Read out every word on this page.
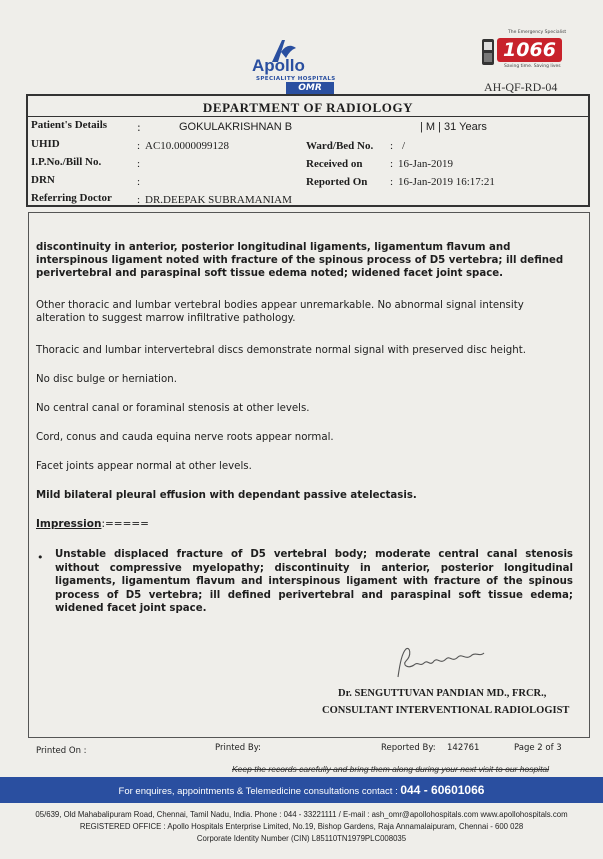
Apollo
SPECIALITY HOSPITALS
OMR
The Emergency Specialist
1066
Saving time. Saving lives
AH-QF-RD-04
DEPARTMENT OF RADIOLOGY
Patient's Details	:	GOKULAKRISHNAN B	| M | 31 Years
UHID	: AC10.0000099128	Ward/Bed No. : /
I.P.No./Bill No.	:	Received on : 16-Jan-2019
DRN	:	Reported On : 16-Jan-2019 16:17:21
Referring Doctor : DR.DEEPAK SUBRAMANIAM
discontinuity in anterior, posterior longitudinal ligaments, ligamentum flavum and interspinous ligament noted with fracture of the spinous process of D5 vertebra; ill defined perivertebral and paraspinal soft tissue edema noted; widened facet joint space.
Other thoracic and lumbar vertebral bodies appear unremarkable. No abnormal signal intensity alteration to suggest marrow infiltrative pathology.
Thoracic and lumbar intervertebral discs demonstrate normal signal with preserved disc height.
No disc bulge or herniation.
No central canal or foraminal stenosis at other levels.
Cord, conus and cauda equina nerve roots appear normal.
Facet joints appear normal at other levels.
Mild bilateral pleural effusion with dependant passive atelectasis.
Impression:=====
• Unstable displaced fracture of D5 vertebral body; moderate central canal stenosis without compressive myelopathy; discontinuity in anterior, posterior longitudinal ligaments, ligamentum flavum and interspinous ligament with fracture of the spinous process of D5 vertebra; ill defined perivertebral and paraspinal soft tissue edema; widened facet joint space.
Dr. SENGUTTUVAN PANDIAN MD., FRCR.,
CONSULTANT INTERVENTIONAL RADIOLOGIST
Printed On :	Printed By:	Reported By: 142761	Page 2 of 3
Keep the records carefully and bring them along during your next visit to our hospital
For enquires, appointments & Telemedicine consultations contact : 044 - 60601066
05/639, Old Mahabalipuram Road, Chennai, Tamil Nadu, India. Phone : 044 - 33221111 / E-mail : ash_omr@apollohospitals.com www.apollohospitals.com
REGISTERED OFFICE : Apollo Hospitals Enterprise Limited, No.19, Bishop Gardens, Raja Annamalaipuram, Chennai - 600 028
Corporate Identity Number (CIN) L85110TN1979PLC008035
